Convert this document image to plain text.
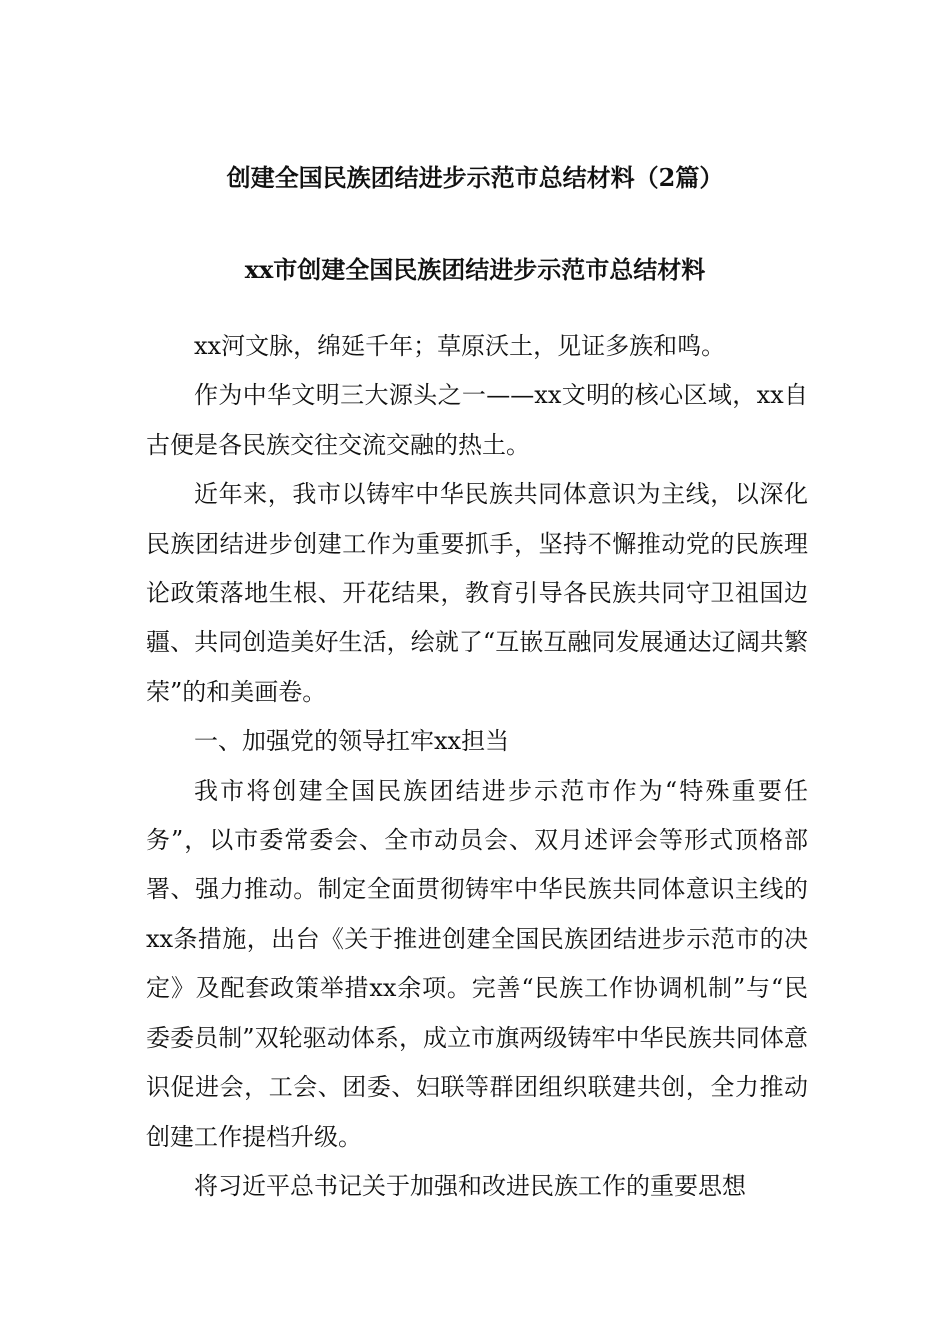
创建全国民族团结进步示范市总结材料（2篇）
xx市创建全国民族团结进步示范市总结材料

xx河文脉，绵延千年；草原沃土，见证多族和鸣。

作为中华文明三大源头之一——xx文明的核心区域，xx自古便是各民族交往交流交融的热土。

近年来，我市以铸牢中华民族共同体意识为主线，以深化民族团结进步创建工作为重要抓手，坚持不懈推动党的民族理论政策落地生根、开花结果，教育引导各民族共同守卫祖国边疆、共同创造美好生活，绘就了“互嵌互融同发展通达辽阔共繁荣”的和美画卷。

一、加强党的领导扛牢xx担当

我市将创建全国民族团结进步示范市作为“特殊重要任务”，以市委常委会、全市动员会、双月述评会等形式顶格部署、强力推动。制定全面贯彻铸牢中华民族共同体意识主线的xx条措施，出台《关于推进创建全国民族团结进步示范市的决定》及配套政策举措xx余项。完善“民族工作协调机制”与“民委委员制”双轮驱动体系，成立市旗两级铸牢中华民族共同体意识促进会，工会、团委、妇联等群团组织联建共创，全力推动创建工作提档升级。

将习近平总书记关于加强和改进民族工作的重要思想
